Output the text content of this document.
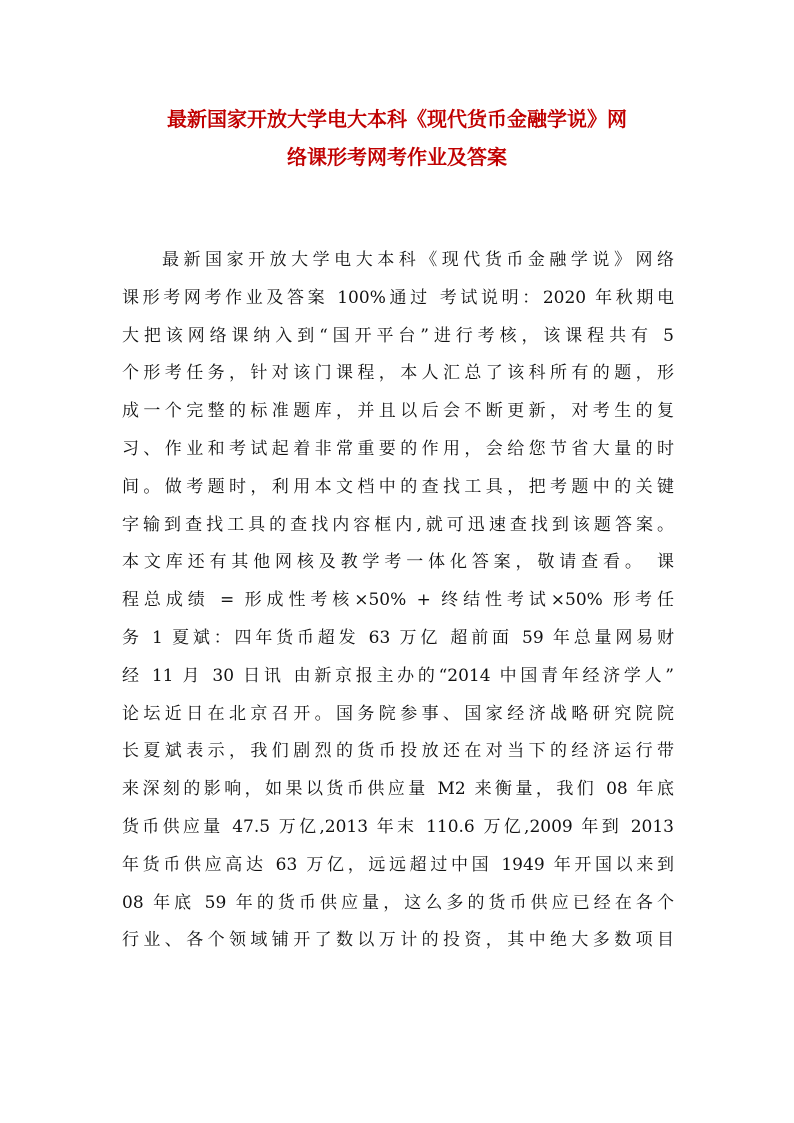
最新国家开放大学电大本科《现代货币金融学说》网
络课形考网考作业及答案
最新国家开放大学电大本科《现代货币金融学说》网络
课形考网考作业及答案 100%通过 考试说明：2020 年秋期电
大把该网络课纳入到“国开平台”进行考核，该课程共有 5
个形考任务，针对该门课程，本人汇总了该科所有的题，形
成一个完整的标准题库，并且以后会不断更新，对考生的复
习、作业和考试起着非常重要的作用，会给您节省大量的时
间。做考题时，利用本文档中的查找工具，把考题中的关键
字输到查找工具的查找内容框内,就可迅速查找到该题答案。
本文库还有其他网核及教学考一体化答案，敬请查看。 课
程总成绩 = 形成性考核×50% + 终结性考试×50% 形考任
务 1 夏斌：四年货币超发 63 万亿 超前面 59 年总量网易财
经 11 月 30 日讯 由新京报主办的“2014 中国青年经济学人”
论坛近日在北京召开。国务院参事、国家经济战略研究院院
长夏斌表示，我们剧烈的货币投放还在对当下的经济运行带
来深刻的影响，如果以货币供应量 M2 来衡量，我们 08 年底
货币供应量 47.5 万亿,2013 年末 110.6 万亿,2009 年到 2013
年货币供应高达 63 万亿，远远超过中国 1949 年开国以来到
08 年底 59 年的货币供应量，这么多的货币供应已经在各个
行业、各个领域铺开了数以万计的投资，其中绝大多数项目
